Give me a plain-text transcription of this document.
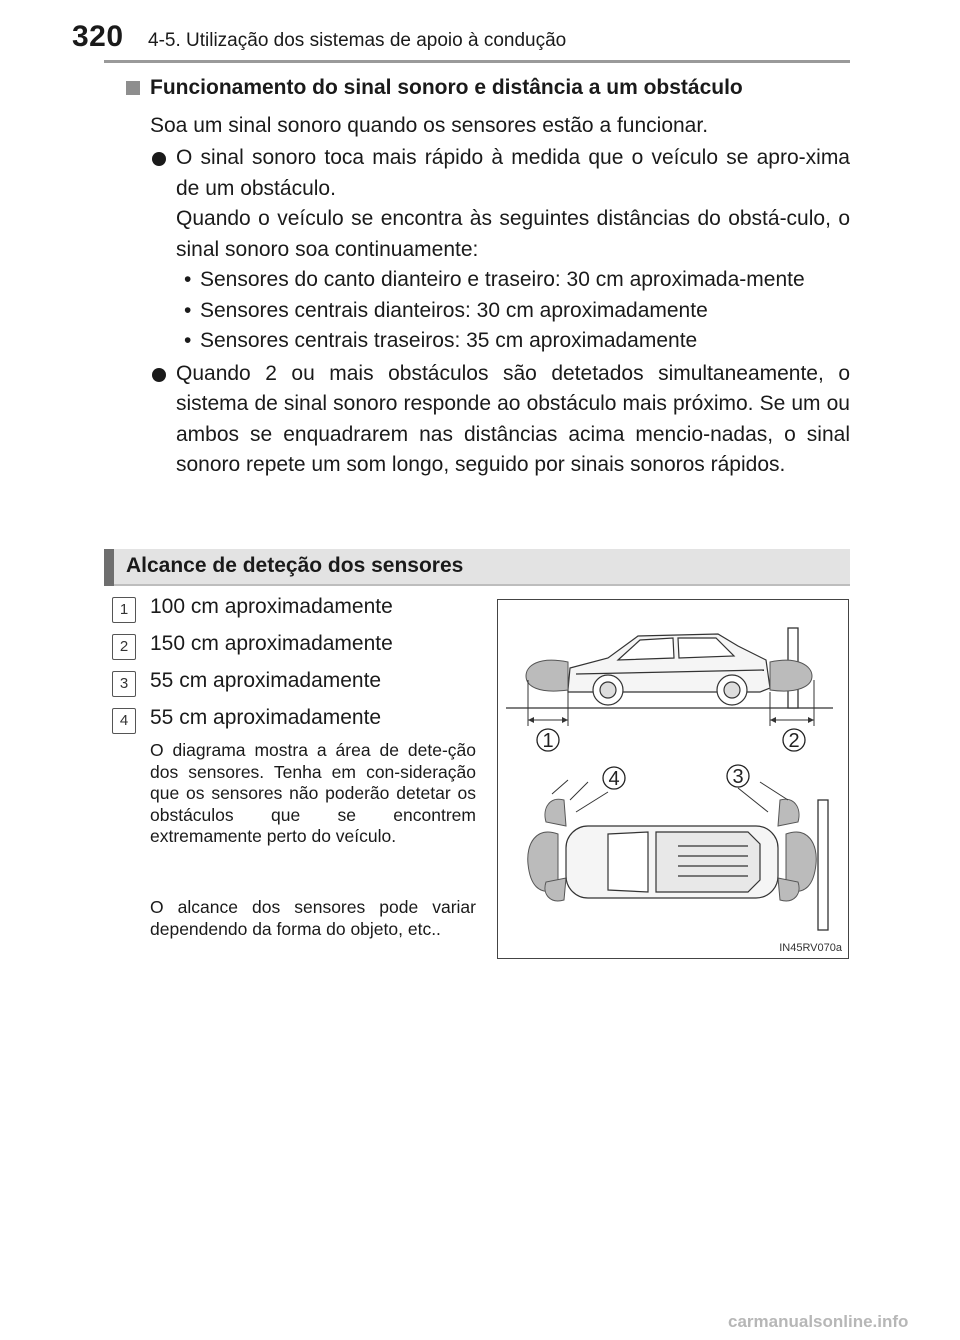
320 4-5. Utilização dos sistemas de apoio à condução
Funcionamento do sinal sonoro e distância a um obstáculo
Soa um sinal sonoro quando os sensores estão a funcionar.

O sinal sonoro toca mais rápido à medida que o veículo se apro-xima de um obstáculo.

Quando o veículo se encontra às seguintes distâncias do obstá-culo, o sinal sonoro soa continuamente:

• Sensores do canto dianteiro e traseiro: 30 cm aproximada-mente
• Sensores centrais dianteiros: 30 cm aproximadamente
• Sensores centrais traseiros: 35 cm aproximadamente

Quando 2 ou mais obstáculos são detetados simultaneamente, o sistema de sinal sonoro responde ao obstáculo mais próximo. Se um ou ambos se enquadrarem nas distâncias acima mencio-nadas, o sinal sonoro repete um som longo, seguido por sinais sonoros rápidos.

Alcance de deteção dos sensores
1	100 cm aproximadamente
2	150 cm aproximadamente
3	55 cm aproximadamente
4	55 cm aproximadamente

O diagrama mostra a área de dete-ção dos sensores. Tenha em con-sideração que os sensores não poderão detetar os obstáculos que se encontrem extremamente perto do veículo.

O alcance dos sensores pode variar dependendo da forma do objeto, etc..

1	2
4	3
IN45RV070a
carmanualsonline.info
